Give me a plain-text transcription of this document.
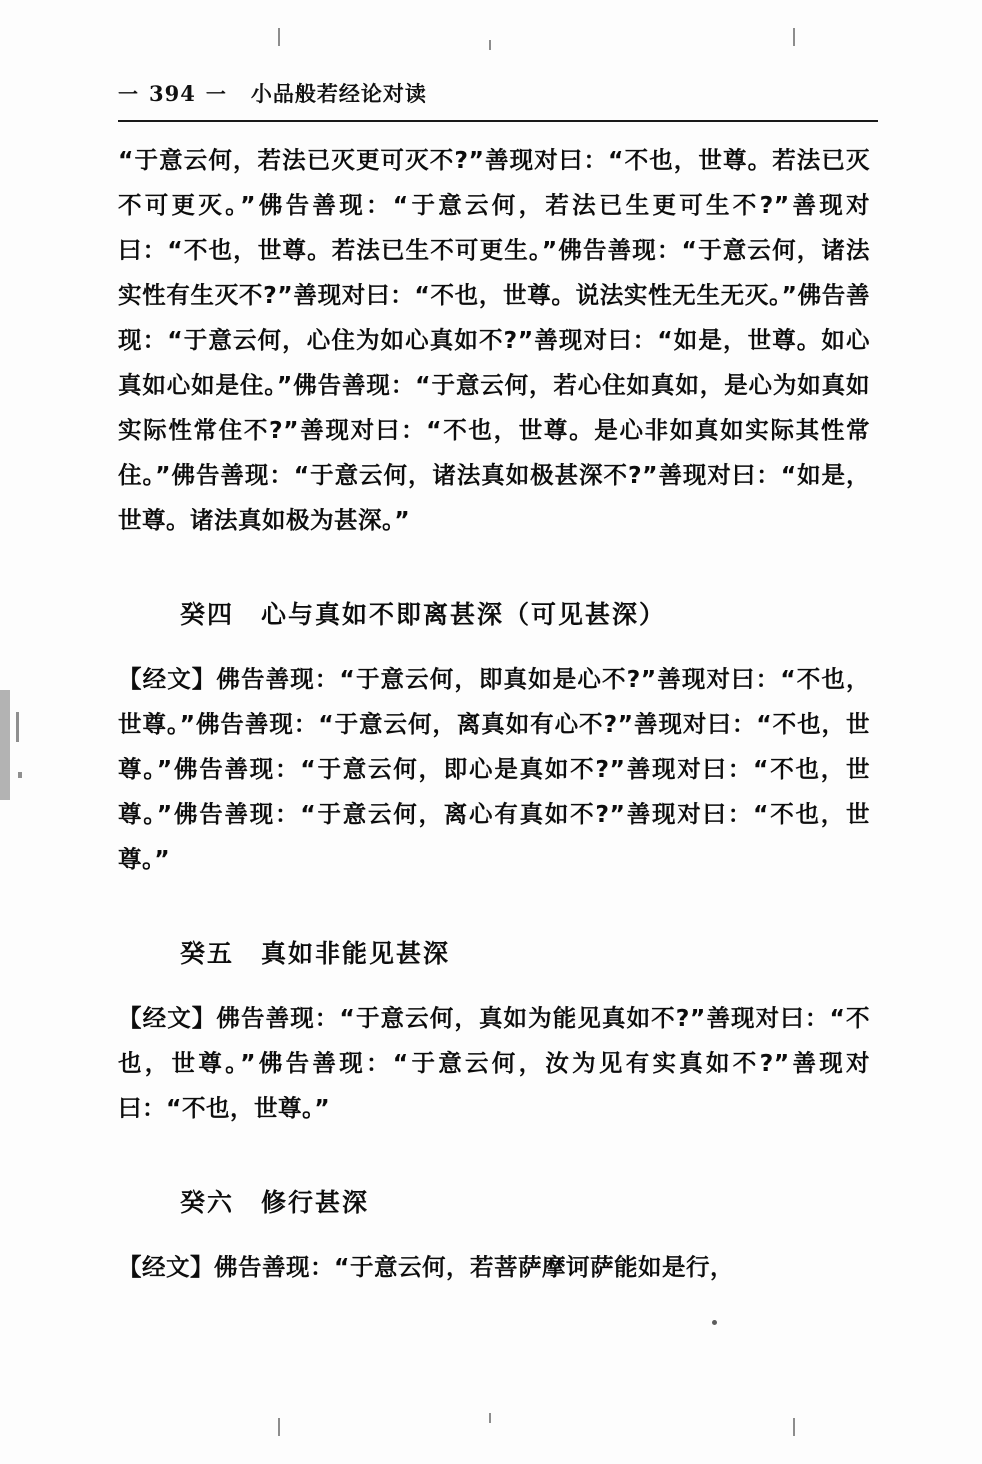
一 394 一 小品般若经论对读

“于意云何，若法已灭更可灭不?”善现对曰：“不也，世尊。若法已灭不可更灭。”佛告善现：“于意云何，若法已生更可生不?”善现对曰：“不也，世尊。若法已生不可更生。”佛告善现：“于意云何，诸法实性有生灭不?”善现对曰：“不也，世尊。说法实性无生无灭。”佛告善现：“于意云何，心住为如心真如不?”善现对曰：“如是，世尊。如心真如心如是住。”佛告善现：“于意云何，若心住如真如，是心为如真如实际性常住不?”善现对曰：“不也，世尊。是心非如真如实际其性常住。”佛告善现：“于意云何，诸法真如极甚深不?”善现对曰：“如是，世尊。诸法真如极为甚深。”

癸四　心与真如不即离甚深（可见甚深）

【经文】佛告善现：“于意云何，即真如是心不?”善现对曰：“不也，世尊。”佛告善现：“于意云何，离真如有心不?”善现对曰：“不也，世尊。”佛告善现：“于意云何，即心是真如不?”善现对曰：“不也，世尊。”佛告善现：“于意云何，离心有真如不?”善现对曰：“不也，世尊。”

癸五　真如非能见甚深

【经文】佛告善现：“于意云何，真如为能见真如不?”善现对曰：“不也，世尊。”佛告善现：“于意云何，汝为见有实真如不?”善现对曰：“不也，世尊。”

癸六　修行甚深

【经文】佛告善现：“于意云何，若菩萨摩诃萨能如是行，
